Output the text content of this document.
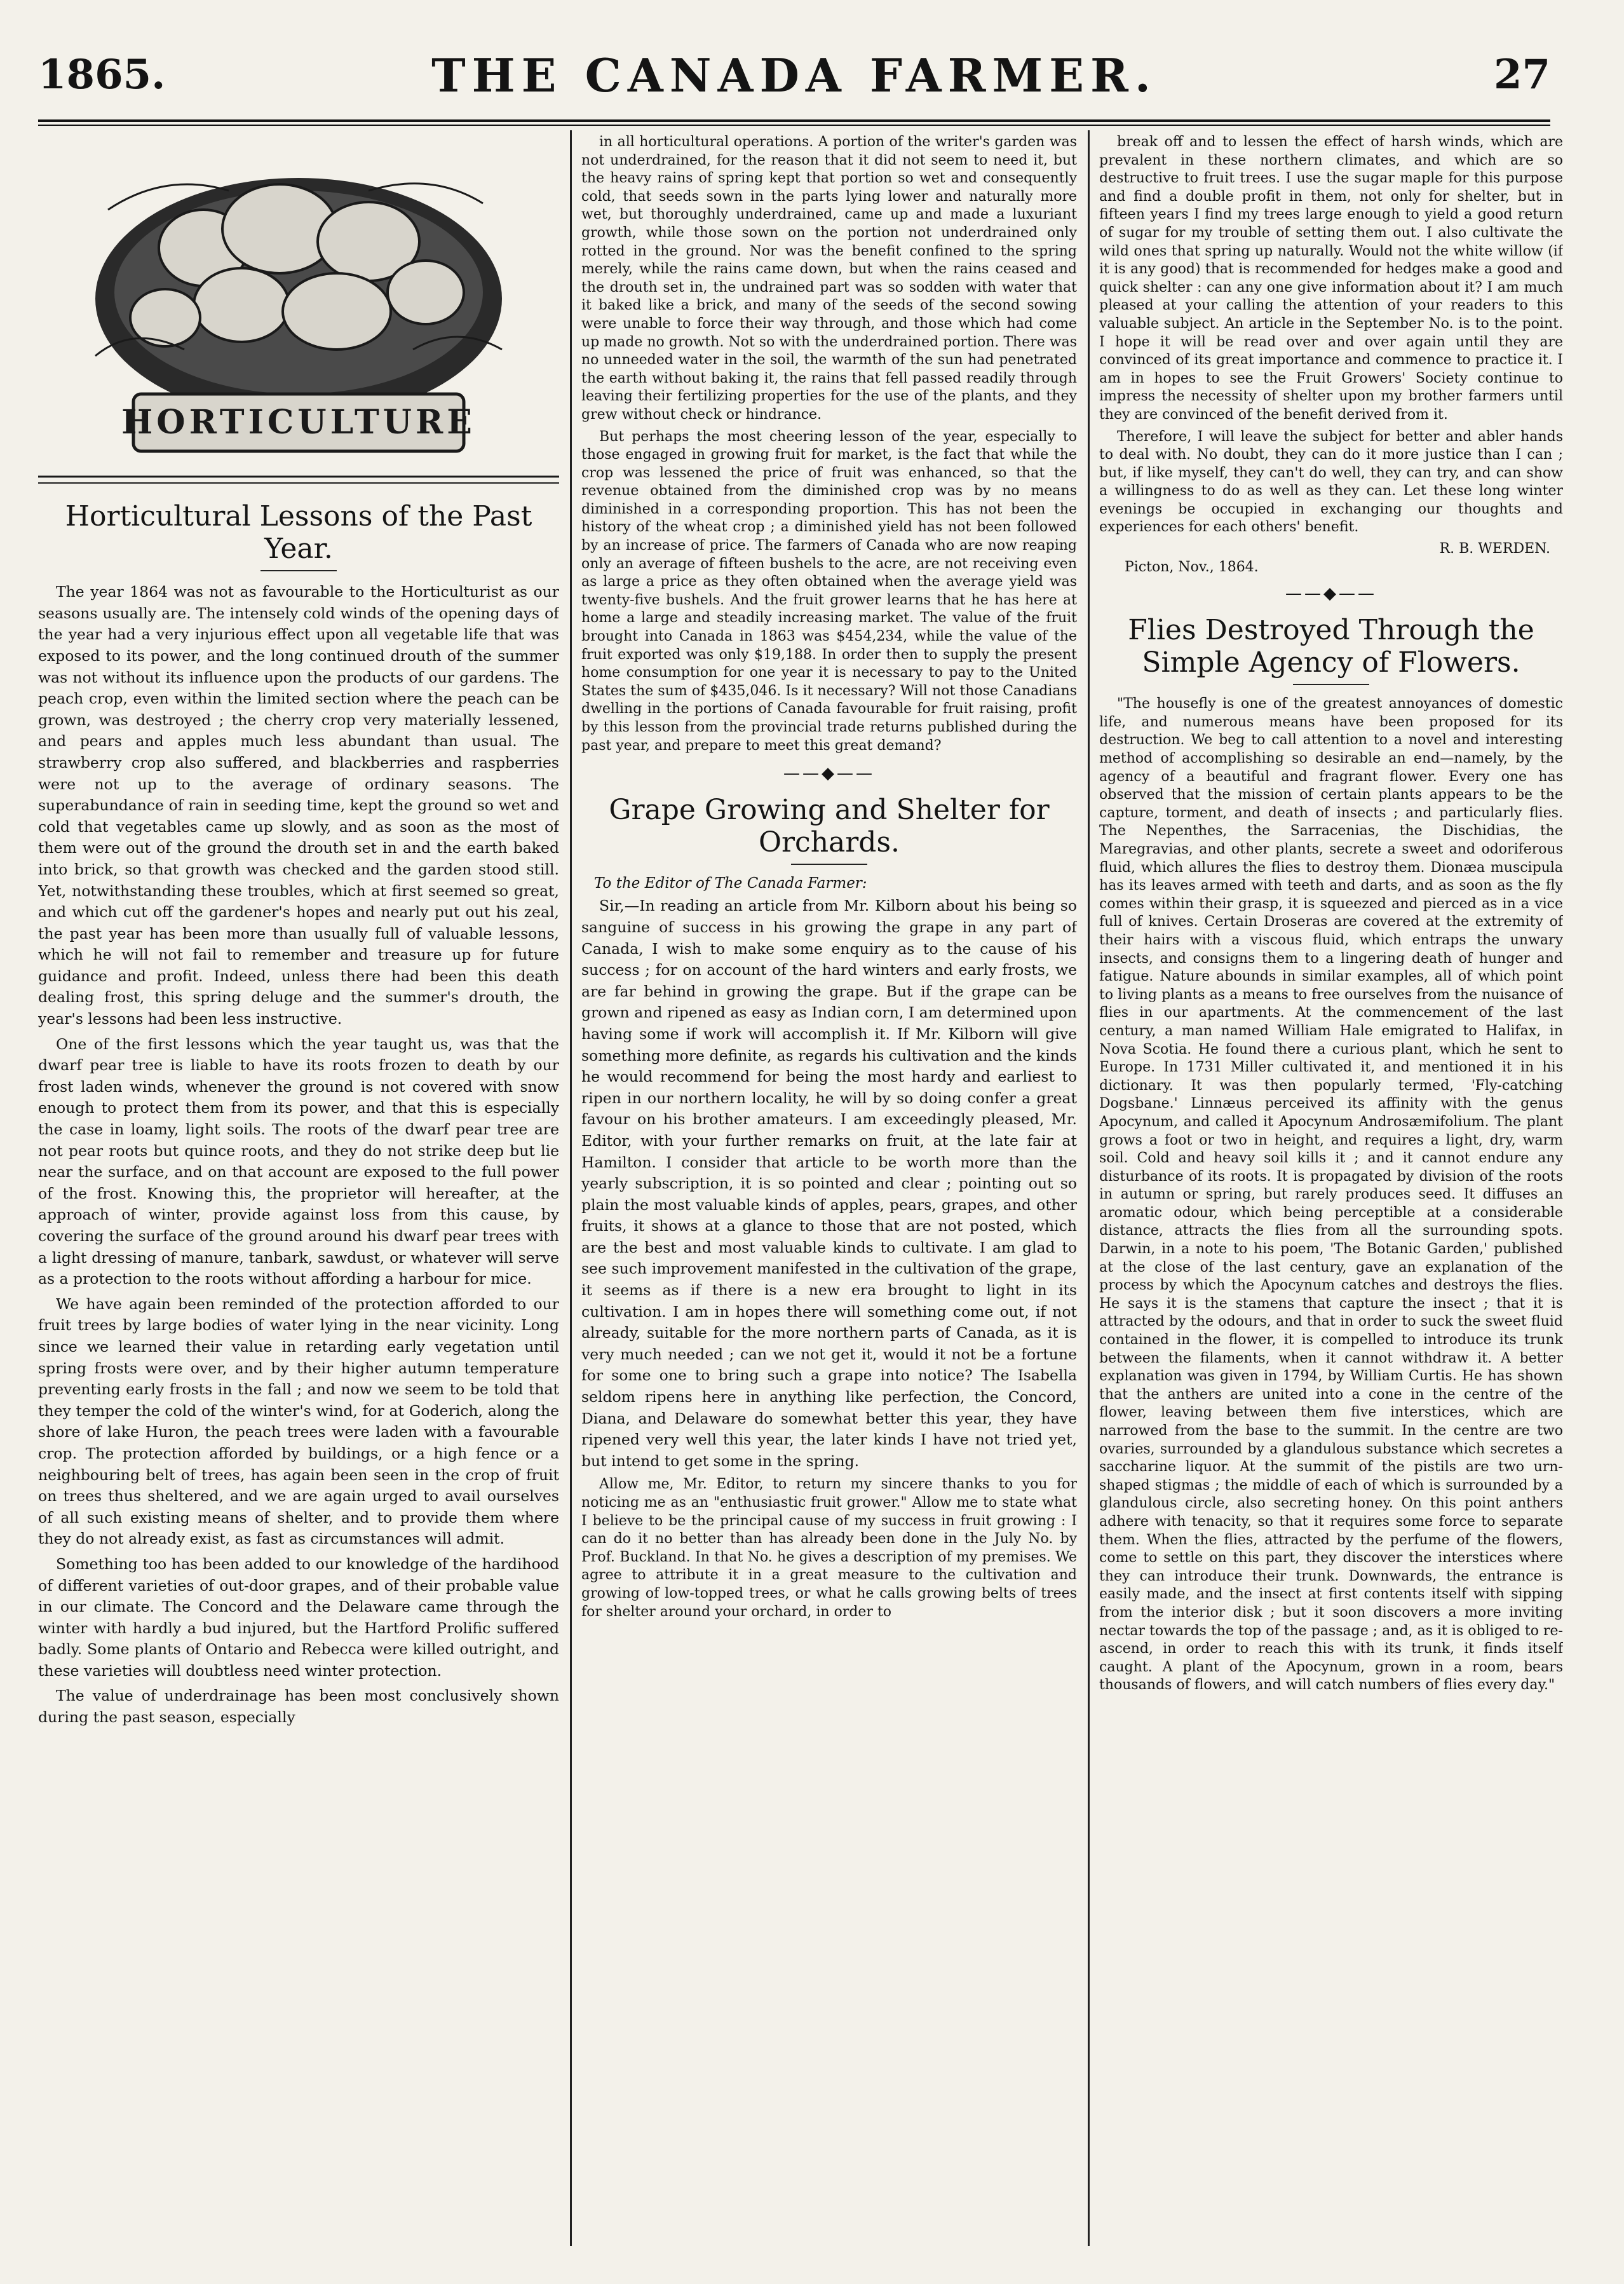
1865.	THE CANADA FARMER.	27
HORTICULTURE
Horticultural Lessons of the Past Year.

The year 1864 was not as favourable to the Horticulturist as our seasons usually are. The intensely cold winds of the opening days of the year had a very injurious effect upon all vegetable life that was exposed to its power, and the long continued drouth of the summer was not without its influence upon the products of our gardens. The peach crop, even within the limited section where the peach can be grown, was destroyed ; the cherry crop very materially lessened, and pears and apples much less abundant than usual. The strawberry crop also suffered, and blackberries and raspberries were not up to the average of ordinary seasons. The superabundance of rain in seeding time, kept the ground so wet and cold that vegetables came up slowly, and as soon as the most of them were out of the ground the drouth set in and the earth baked into brick, so that growth was checked and the garden stood still. Yet, notwithstanding these troubles, which at first seemed so great, and which cut off the gardener's hopes and nearly put out his zeal, the past year has been more than usually full of valuable lessons, which he will not fail to remember and treasure up for future guidance and profit. Indeed, unless there had been this death dealing frost, this spring deluge and the summer's drouth, the year's lessons had been less instructive.

One of the first lessons which the year taught us, was that the dwarf pear tree is liable to have its roots frozen to death by our frost laden winds, whenever the ground is not covered with snow enough to protect them from its power, and that this is especially the case in loamy, light soils. The roots of the dwarf pear tree are not pear roots but quince roots, and they do not strike deep but lie near the surface, and on that account are exposed to the full power of the frost. Knowing this, the proprietor will hereafter, at the approach of winter, provide against loss from this cause, by covering the surface of the ground around his dwarf pear trees with a light dressing of manure, tanbark, sawdust, or whatever will serve as a protection to the roots without affording a harbour for mice.

We have again been reminded of the protection afforded to our fruit trees by large bodies of water lying in the near vicinity. Long since we learned their value in retarding early vegetation until spring frosts were over, and by their higher autumn temperature preventing early frosts in the fall ; and now we seem to be told that they temper the cold of the winter's wind, for at Goderich, along the shore of lake Huron, the peach trees were laden with a favourable crop. The protection afforded by buildings, or a high fence or a neighbouring belt of trees, has again been seen in the crop of fruit on trees thus sheltered, and we are again urged to avail ourselves of all such existing means of shelter, and to provide them where they do not already exist, as fast as circumstances will admit.

Something too has been added to our knowledge of the hardihood of different varieties of out-door grapes, and of their probable value in our climate. The Concord and the Delaware came through the winter with hardly a bud injured, but the Hartford Prolific suffered badly. Some plants of Ontario and Rebecca were killed outright, and these varieties will doubtless need winter protection.

The value of underdrainage has been most conclusively shown during the past season, especially

in all horticultural operations. A portion of the writer's garden was not underdrained, for the reason that it did not seem to need it, but the heavy rains of spring kept that portion so wet and consequently cold, that seeds sown in the parts lying lower and naturally more wet, but thoroughly underdrained, came up and made a luxuriant growth, while those sown on the portion not underdrained only rotted in the ground. Nor was the benefit confined to the spring merely, while the rains came down, but when the rains ceased and the drouth set in, the undrained part was so sodden with water that it baked like a brick, and many of the seeds of the second sowing were unable to force their way through, and those which had come up made no growth. Not so with the underdrained portion. There was no unneeded water in the soil, the warmth of the sun had penetrated the earth without baking it, the rains that fell passed readily through leaving their fertilizing properties for the use of the plants, and they grew without check or hindrance.

But perhaps the most cheering lesson of the year, especially to those engaged in growing fruit for market, is the fact that while the crop was lessened the price of fruit was enhanced, so that the revenue obtained from the diminished crop was by no means diminished in a corresponding proportion. This has not been the history of the wheat crop ; a diminished yield has not been followed by an increase of price. The farmers of Canada who are now reaping only an average of fifteen bushels to the acre, are not receiving even as large a price as they often obtained when the average yield was twenty-five bushels. And the fruit grower learns that he has here at home a large and steadily increasing market. The value of the fruit brought into Canada in 1863 was $454,234, while the value of the fruit exported was only $19,188. In order then to supply the present home consumption for one year it is necessary to pay to the United States the sum of $435,046. Is it necessary? Will not those Canadians dwelling in the portions of Canada favourable for fruit raising, profit by this lesson from the provincial trade returns published during the past year, and prepare to meet this great demand?

——◆——
Grape Growing and Shelter for Orchards.
To the Editor of The Canada Farmer:

Sir,—In reading an article from Mr. Kilborn about his being so sanguine of success in his growing the grape in any part of Canada, I wish to make some enquiry as to the cause of his success ; for on account of the hard winters and early frosts, we are far behind in growing the grape. But if the grape can be grown and ripened as easy as Indian corn, I am determined upon having some if work will accomplish it. If Mr. Kilborn will give something more definite, as regards his cultivation and the kinds he would recommend for being the most hardy and earliest to ripen in our northern locality, he will by so doing confer a great favour on his brother amateurs. I am exceedingly pleased, Mr. Editor, with your further remarks on fruit, at the late fair at Hamilton. I consider that article to be worth more than the yearly subscription, it is so pointed and clear ; pointing out so plain the most valuable kinds of apples, pears, grapes, and other fruits, it shows at a glance to those that are not posted, which are the best and most valuable kinds to cultivate. I am glad to see such improvement manifested in the cultivation of the grape, it seems as if there is a new era brought to light in its cultivation. I am in hopes there will something come out, if not already, suitable for the more northern parts of Canada, as it is very much needed ; can we not get it, would it not be a fortune for some one to bring such a grape into notice? The Isabella seldom ripens here in anything like perfection, the Concord, Diana, and Delaware do somewhat better this year, they have ripened very well this year, the later kinds I have not tried yet, but intend to get some in the spring.

Allow me, Mr. Editor, to return my sincere thanks to you for noticing me as an "enthusiastic fruit grower." Allow me to state what I believe to be the principal cause of my success in fruit growing : I can do it no better than has already been done in the July No. by Prof. Buckland. In that No. he gives a description of my premises. We agree to attribute it in a great measure to the cultivation and growing of low-topped trees, or what he calls growing belts of trees for shelter around your orchard, in order to

break off and to lessen the effect of harsh winds, which are prevalent in these northern climates, and which are so destructive to fruit trees. I use the sugar maple for this purpose and find a double profit in them, not only for shelter, but in fifteen years I find my trees large enough to yield a good return of sugar for my trouble of setting them out. I also cultivate the wild ones that spring up naturally. Would not the white willow (if it is any good) that is recommended for hedges make a good and quick shelter : can any one give information about it? I am much pleased at your calling the attention of your readers to this valuable subject. An article in the September No. is to the point. I hope it will be read over and over again until they are convinced of its great importance and commence to practice it. I am in hopes to see the Fruit Growers' Society continue to impress the necessity of shelter upon my brother farmers until they are convinced of the benefit derived from it.

Therefore, I will leave the subject for better and abler hands to deal with. No doubt, they can do it more justice than I can ; but, if like myself, they can't do well, they can try, and can show a willingness to do as well as they can. Let these long winter evenings be occupied in exchanging our thoughts and experiences for each others' benefit.

R. B. WERDEN.
Picton, Nov., 1864.
——◆——
Flies Destroyed Through the Simple Agency of Flowers.

"The housefly is one of the greatest annoyances of domestic life, and numerous means have been proposed for its destruction. We beg to call attention to a novel and interesting method of accomplishing so desirable an end—namely, by the agency of a beautiful and fragrant flower. Every one has observed that the mission of certain plants appears to be the capture, torment, and death of insects ; and particularly flies. The Nepenthes, the Sarracenias, the Dischidias, the Maregravias, and other plants, secrete a sweet and odoriferous fluid, which allures the flies to destroy them. Dionæa muscipula has its leaves armed with teeth and darts, and as soon as the fly comes within their grasp, it is squeezed and pierced as in a vice full of knives. Certain Droseras are covered at the extremity of their hairs with a viscous fluid, which entraps the unwary insects, and consigns them to a lingering death of hunger and fatigue. Nature abounds in similar examples, all of which point to living plants as a means to free ourselves from the nuisance of flies in our apartments. At the commencement of the last century, a man named William Hale emigrated to Halifax, in Nova Scotia. He found there a curious plant, which he sent to Europe. In 1731 Miller cultivated it, and mentioned it in his dictionary. It was then popularly termed, 'Fly-catching Dogsbane.' Linnæus perceived its affinity with the genus Apocynum, and called it Apocynum Androsæmifolium. The plant grows a foot or two in height, and requires a light, dry, warm soil. Cold and heavy soil kills it ; and it cannot endure any disturbance of its roots. It is propagated by division of the roots in autumn or spring, but rarely produces seed. It diffuses an aromatic odour, which being perceptible at a considerable distance, attracts the flies from all the surrounding spots. Darwin, in a note to his poem, 'The Botanic Garden,' published at the close of the last century, gave an explanation of the process by which the Apocynum catches and destroys the flies. He says it is the stamens that capture the insect ; that it is attracted by the odours, and that in order to suck the sweet fluid contained in the flower, it is compelled to introduce its trunk between the filaments, when it cannot withdraw it. A better explanation was given in 1794, by William Curtis. He has shown that the anthers are united into a cone in the centre of the flower, leaving between them five interstices, which are narrowed from the base to the summit. In the centre are two ovaries, surrounded by a glandulous substance which secretes a saccharine liquor. At the summit of the pistils are two urn-shaped stigmas ; the middle of each of which is surrounded by a glandulous circle, also secreting honey. On this point anthers adhere with tenacity, so that it requires some force to separate them. When the flies, attracted by the perfume of the flowers, come to settle on this part, they discover the interstices where they can introduce their trunk. Downwards, the entrance is easily made, and the insect at first contents itself with sipping from the interior disk ; but it soon discovers a more inviting nectar towards the top of the passage ; and, as it is obliged to re-ascend, in order to reach this with its trunk, it finds itself caught. A plant of the Apocynum, grown in a room, bears thousands of flowers, and will catch numbers of flies every day."
